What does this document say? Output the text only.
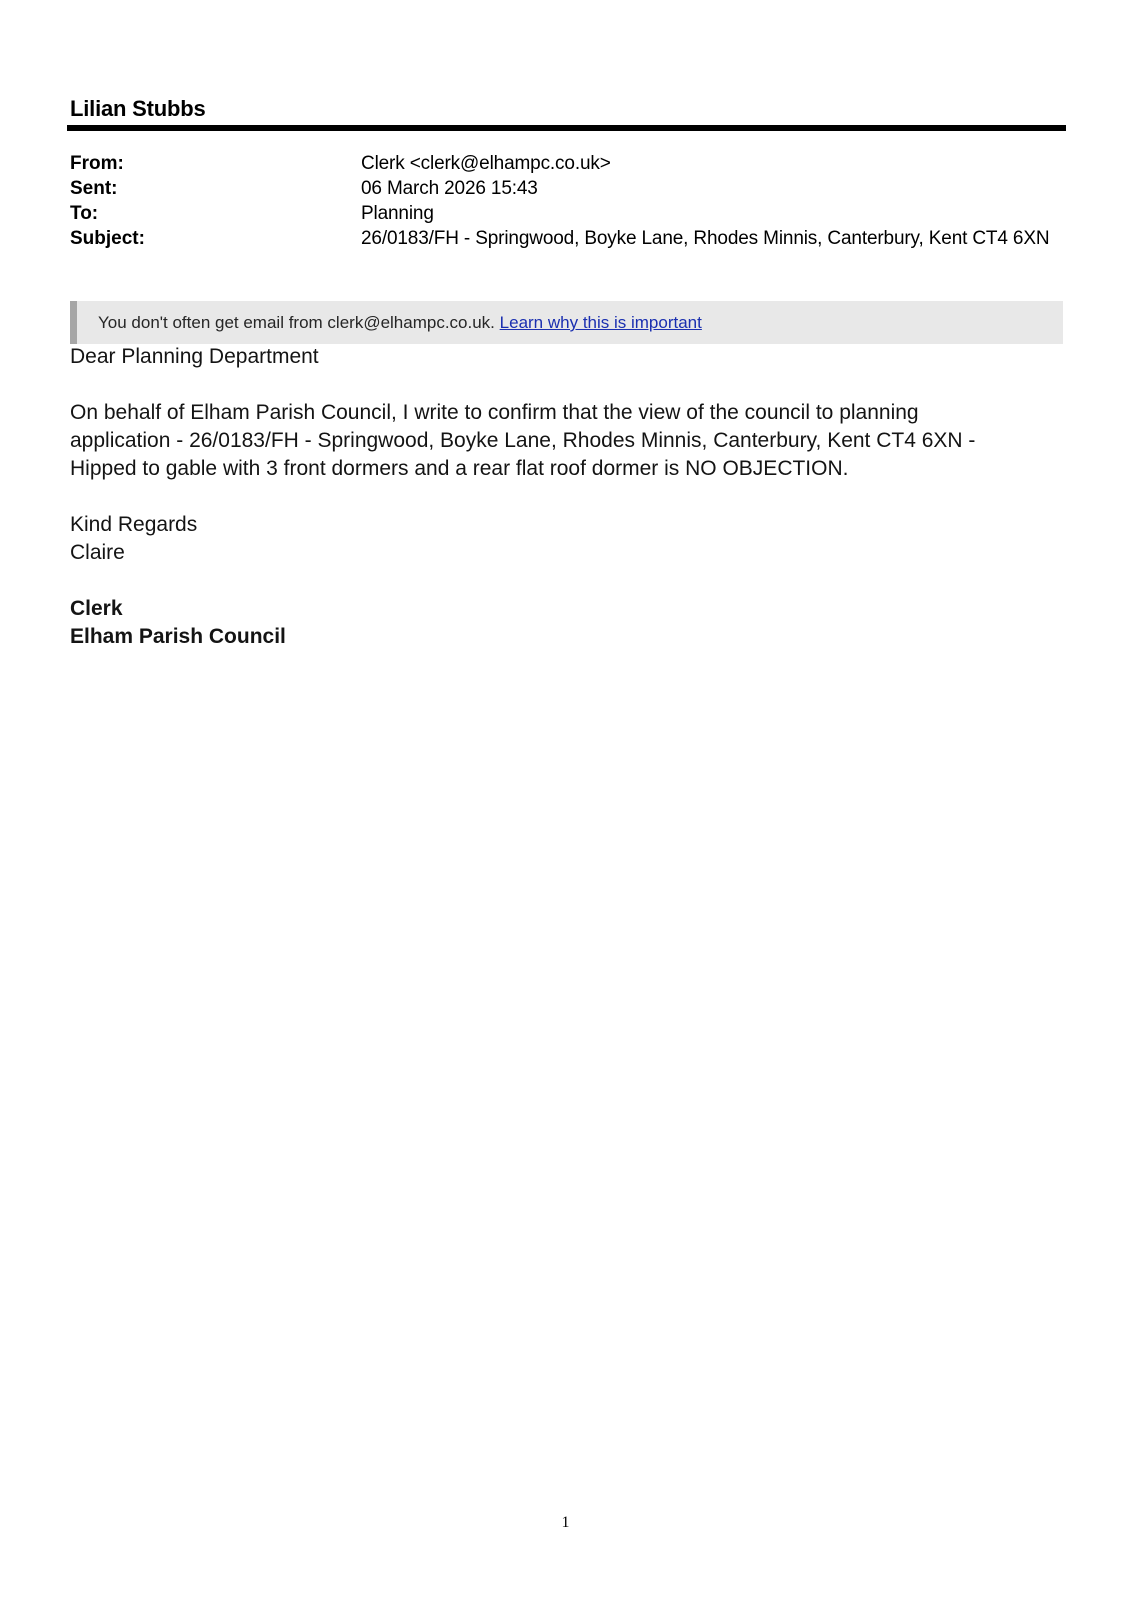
Lilian Stubbs
From:	Clerk <clerk@elhampc.co.uk>
Sent:	06 March 2026 15:43
To:	Planning
Subject:	26/0183/FH - Springwood, Boyke Lane, Rhodes Minnis, Canterbury, Kent CT4 6XN
You don't often get email from clerk@elhampc.co.uk. Learn why this is important

Dear Planning Department

On behalf of Elham Parish Council, I write to confirm that the view of the council to planning

application - 26/0183/FH - Springwood, Boyke Lane, Rhodes Minnis, Canterbury, Kent CT4 6XN -

Hipped to gable with 3 front dormers and a rear flat roof dormer is NO OBJECTION.

Kind Regards

Claire

Clerk

Elham Parish Council

1
